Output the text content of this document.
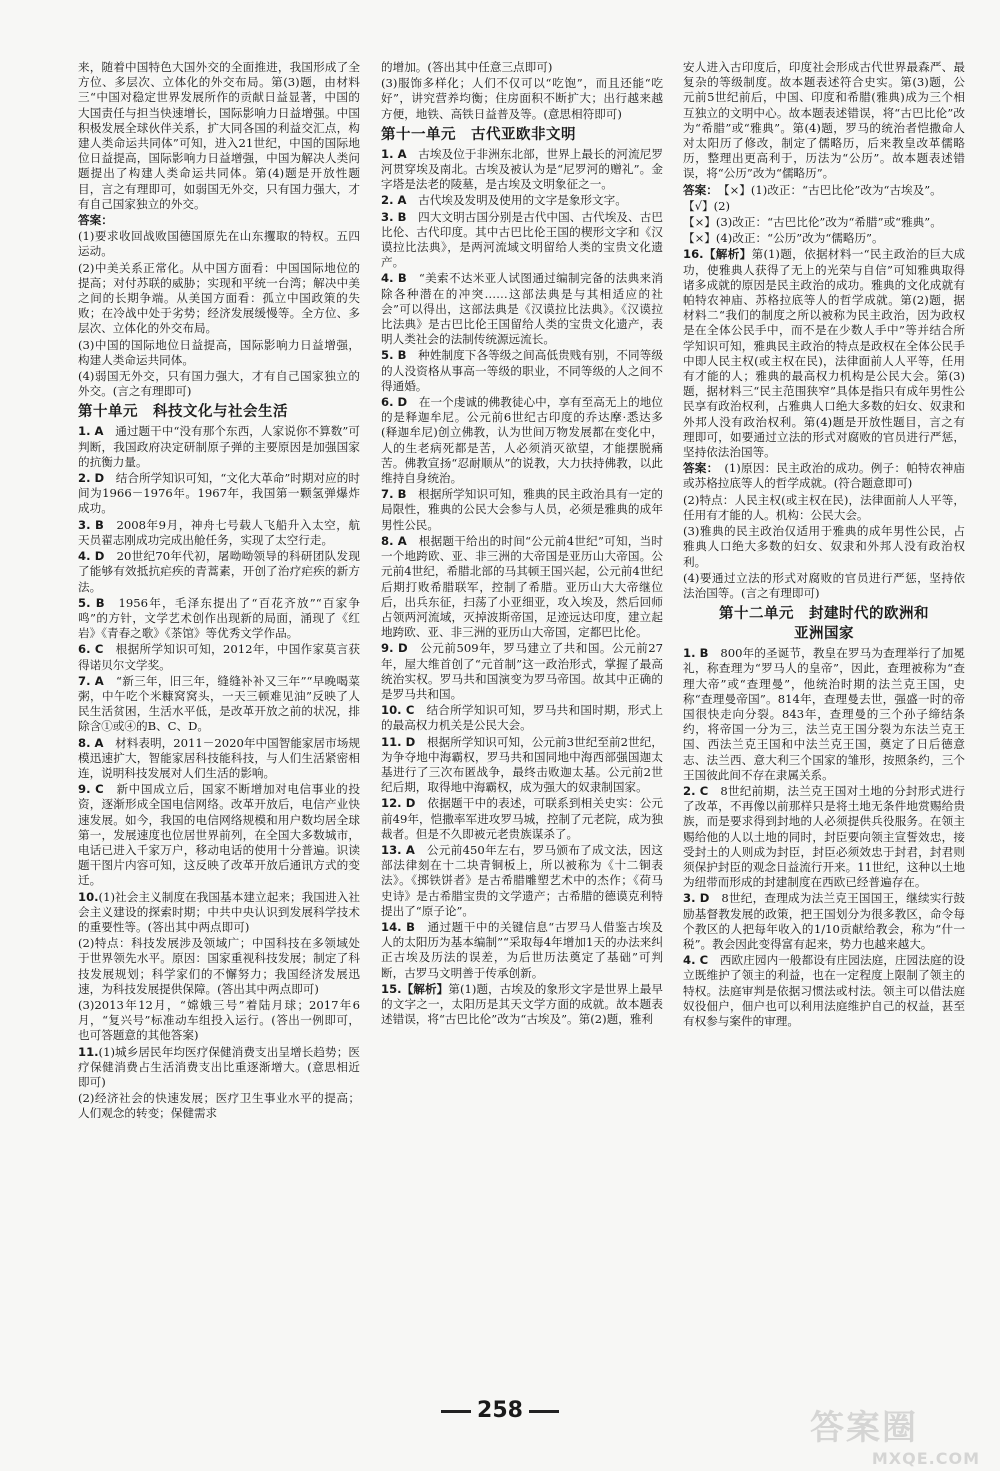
来，随着中国特色大国外交的全面推进，我国形成了全方位、多层次、立体化的外交布局。第(3)题，由材料三“中国对稳定世界发展所作的贡献日益显著，中国的大国责任与担当快速增长，国际影响力日益增强。中国积极发展全球伙伴关系，扩大同各国的利益交汇点，构建人类命运共同体”可知，进入21世纪，中国的国际地位日益提高，国际影响力日益增强，中国为解决人类问题提出了构建人类命运共同体。第(4)题是开放性题目，言之有理即可，如弱国无外交，只有国力强大，才有自己国家独立的外交。

答案：

(1)要求收回战败国德国原先在山东攫取的特权。五四运动。

(2)中美关系正常化。从中国方面看：中国国际地位的提高；对付苏联的威胁；实现和平统一台湾；解决中美之间的长期争端。从美国方面看：孤立中国政策的失败；在冷战中处于劣势；经济发展缓慢等。全方位、多层次、立体化的外交布局。

(3)中国的国际地位日益提高，国际影响力日益增强，构建人类命运共同体。

(4)弱国无外交，只有国力强大，才有自己国家独立的外交。(言之有理即可)

第十单元　科技文化与社会生活

1. A　 通过题干中“没有那个东西，人家说你不算数”可判断，我国政府决定研制原子弹的主要原因是加强国家的抗衡力量。

2. D　 结合所学知识可知，“文化大革命”时期对应的时间为1966－1976年。1967年，我国第一颗氢弹爆炸成功。

3. B　 2008年9月，神舟七号载人飞船升入太空，航天员翟志刚成功完成出舱任务，实现了太空行走。

4. D　 20世纪70年代初，屠呦呦领导的科研团队发现了能够有效抵抗疟疾的青蒿素，开创了治疗疟疾的新方法。

5. B　 1956年，毛泽东提出了“百花齐放”“百家争鸣”的方针，文学艺术创作出现新的局面，涌现了《红岩》《青春之歌》《茶馆》等优秀文学作品。

6. C　 根据所学知识可知，2012年，中国作家莫言获得诺贝尔文学奖。

7. A　 “新三年，旧三年，缝缝补补又三年”“早晚喝菜粥，中午吃个米糠窝窝头，一天三顿难见油”反映了人民生活贫困，生活水平低，是改革开放之前的状况，排除含①或④的B、C、D。

8. A　 材料表明，2011－2020年中国智能家居市场规模迅速扩大，智能家居科技能科技，与人们生活紧密相连，说明科技发展对人们生活的影响。

9. C　 新中国成立后，国家不断增加对电信事业的投资，逐渐形成全国电信网络。改革开放后，电信产业快速发展。如今，我国的电信网络规模和用户数均居全球第一，发展速度也位居世界前列，在全国大多数城市，电话已进入千家万户，移动电话的使用十分普遍。识读题干图片内容可知，这反映了改革开放后通讯方式的变迁。

10.(1)社会主义制度在我国基本建立起来；我国进入社会主义建设的探索时期；中共中央认识到发展科学技术的重要性等。(答出其中两点即可)

(2)特点：科技发展涉及领域广；中国科技在多领域处于世界领先水平。原因：国家重视科技发展；制定了科技发展规划；科学家们的不懈努力；我国经济发展迅速，为科技发展提供保障。(答出其中两点即可)

(3)2013年12月，“嫦娥三号”着陆月球；2017年6月，“复兴号”标准动车组投入运行。(答出一例即可，也可答题意的其他答案)

11.(1)城乡居民年均医疗保健消费支出呈增长趋势；医疗保健消费占生活消费支出比重逐渐增大。(意思相近即可)

(2)经济社会的快速发展；医疗卫生事业水平的提高；人们观念的转变；保健需求

的增加。(答出其中任意三点即可)

(3)服饰多样化；人们不仅可以“吃饱”，而且还能“吃好”，讲究营养均衡；住房面积不断扩大；出行越来越方便，地铁、高铁日益普及等。(意思相符即可)

第十一单元　古代亚欧非文明

1. A　 古埃及位于非洲东北部，世界上最长的河流尼罗河贯穿埃及南北。古埃及被认为是“尼罗河的赠礼”。金字塔是法老的陵墓，是古埃及文明象征之一。

2. A　 古代埃及发明及使用的文字是象形文字。

3. B　 四大文明古国分别是古代中国、古代埃及、古巴比伦、古代印度。其中古巴比伦王国的楔形文字和《汉谟拉比法典》，是两河流域文明留给人类的宝贵文化遗产。

4. B　 “美索不达米亚人试图通过编制完备的法典来消除各种潜在的冲突……这部法典是与其相适应的社会”可以得出，这部法典是《汉谟拉比法典》。《汉谟拉比法典》是古巴比伦王国留给人类的宝贵文化遗产，表明人类社会的法制传统源远流长。

5. B　 种姓制度下各等级之间高低贵贱有别，不同等级的人没资格从事高一等级的职业，不同等级的人之间不得通婚。

6. D　 在一个虔诚的佛教徒心中，享有至高无上的地位的是释迦牟尼。公元前6世纪古印度的乔达摩·悉达多(释迦牟尼)创立佛教，认为世间万物发展都在变化中，人的生老病死都是苦，人必须消灭欲望，才能摆脱痛苦。佛教宣扬“忍耐顺从”的说教，大力扶持佛教，以此维持自身统治。

7. B　 根据所学知识可知，雅典的民主政治具有一定的局限性，雅典的公民大会参与人员，必须是雅典的成年男性公民。

8. A　 根据题干给出的时间“公元前4世纪”可知，当时一个地跨欧、亚、非三洲的大帝国是亚历山大帝国。公元前4世纪，希腊北部的马其顿王国兴起，公元前4世纪后期打败希腊联军，控制了希腊。亚历山大大帝继位后，出兵东征，扫荡了小亚细亚，攻入埃及，然后回师占领两河流域，灭掉波斯帝国，足迹远达印度，建立起地跨欧、亚、非三洲的亚历山大帝国，定都巴比伦。

9. D　 公元前509年，罗马建立了共和国。公元前27年，屋大维首创了“元首制”这一政治形式，掌握了最高统治实权。罗马共和国演变为罗马帝国。故其中正确的是罗马共和国。

10. C　 结合所学知识可知，罗马共和国时期，形式上的最高权力机关是公民大会。

11. D　 根据所学知识可知，公元前3世纪至前2世纪，为争夺地中海霸权，罗马共和国同地中海西部强国迦太基进行了三次布匿战争，最终击败迦太基。公元前2世纪后期，取得地中海霸权，成为强大的奴隶制国家。

12. D　 依据题干中的表述，可联系到相关史实：公元前49年，恺撒率军进攻罗马城，控制了元老院，成为独裁者。但是不久即被元老贵族谋杀了。

13. A　 公元前450年左右，罗马颁布了成文法，因这部法律刻在十二块青铜板上，所以被称为《十二铜表法》。《掷铁饼者》是古希腊雕塑艺术中的杰作；《荷马史诗》是古希腊宝贵的文学遗产；古希腊的德谟克利特提出了“原子论”。

14. B　 通过题干中的关键信息“古罗马人借鉴古埃及人的太阳历为基本编制”“采取每4年增加1天的办法来纠正古埃及历法的误差，为后世历法奠定了基础”可判断，古罗马文明善于传承创新。

15.【解析】第(1)题，古埃及的象形文字是世界上最早的文字之一，太阳历是其天文学方面的成就。故本题表述错误，将“古巴比伦”改为“古埃及”。第(2)题，雅利

安人进入古印度后，印度社会形成古代世界最森严、最复杂的等级制度。故本题表述符合史实。第(3)题，公元前5世纪前后，中国、印度和希腊(雅典)成为三个相互独立的文明中心。故本题表述错误，将“古巴比伦”改为“希腊”或“雅典”。第(4)题，罗马的统治者恺撒命人对太阳历了修改，制定了儒略历，后来教皇改革儒略历，整理出更高利于，历法为“公历”。故本题表述错误，将“公历”改为“儒略历”。

答案： 【×】(1)改正：“古巴比伦”改为“古埃及”。

【√】(2)

【×】(3)改正：“古巴比伦”改为“希腊”或“雅典”。

【×】(4)改正：“公历”改为“儒略历”。

16.【解析】第(1)题，依据材料一“民主政治的巨大成功，使雅典人获得了无上的光荣与自信”可知雅典取得诸多成就的原因是民主政治的成功。雅典的文化成就有帕特农神庙、苏格拉底等人的哲学成就。第(2)题，据材料二“我们的制度之所以被称为民主政治，因为政权是在全体公民手中，而不是在少数人手中”等并结合所学知识可知，雅典民主政治的特点是政权在全体公民手中即人民主权(或主权在民)，法律面前人人平等，任用有才能的人；雅典的最高权力机构是公民大会。第(3)题，据材料三“民主范围狭窄”具体是指只有成年男性公民享有政治权利，占雅典人口绝大多数的妇女、奴隶和外邦人没有政治权利。第(4)题是开放性题目，言之有理即可，如要通过立法的形式对腐败的官员进行严惩，坚持依法治国等。

答案： (1)原因：民主政治的成功。例子：帕特农神庙或苏格拉底等人的哲学成就。(符合题意即可)

(2)特点：人民主权(或主权在民)，法律面前人人平等，任用有才能的人。机构：公民大会。

(3)雅典的民主政治仅适用于雅典的成年男性公民，占雅典人口绝大多数的妇女、奴隶和外邦人没有政治权利。

(4)要通过立法的形式对腐败的官员进行严惩，坚持依法治国等。(言之有理即可)

第十二单元　封建时代的欧洲和
亚洲国家

1. B　 800年的圣诞节，教皇在罗马为查理举行了加冕礼，称查理为“罗马人的皇帝”，因此，查理被称为“查理大帝”或“查理曼”，他统治时期的法兰克王国，史称“查理曼帝国”。814年，查理曼去世，强盛一时的帝国很快走向分裂。843年，查理曼的三个孙子缔结条约，将帝国一分为三，法兰克王国分裂为东法兰克王国、西法兰克王国和中法兰克王国，奠定了日后德意志、法兰西、意大利三个国家的雏形，按照条约，三个王国彼此间不存在隶属关系。

2. C　 8世纪前期，法兰克王国对土地的分封形式进行了改革，不再像以前那样只是将土地无条件地赏赐给贵族，而是要求得到封地的人必须提供兵役服务。在领主赐给他的人以土地的同时，封臣要向领主宣誓效忠，接受封土的人则成为封臣，封臣必须效忠于封君，封君则须保护封臣的观念日益流行开来。11世纪，这种以土地为纽带而形成的封建制度在西欧已经普遍存在。

3. D　 8世纪，查理成为法兰克王国国王，继续实行鼓励基督教发展的政策，把王国划分为很多教区，命令每个教区的人把每年收入的1/10贡献给教会，称为“什一税”。教会因此变得富有起来，势力也越来越大。

4. C　 西欧庄园内一般都设有庄园法庭，庄园法庭的设立既维护了领主的利益，也在一定程度上限制了领主的特权。法庭审判是依据习惯法或村法。领主可以借法庭奴役佃户，佃户也可以利用法庭维护自己的权益，甚至有权参与案件的审理。

258	答案圈
MXQE.COM
